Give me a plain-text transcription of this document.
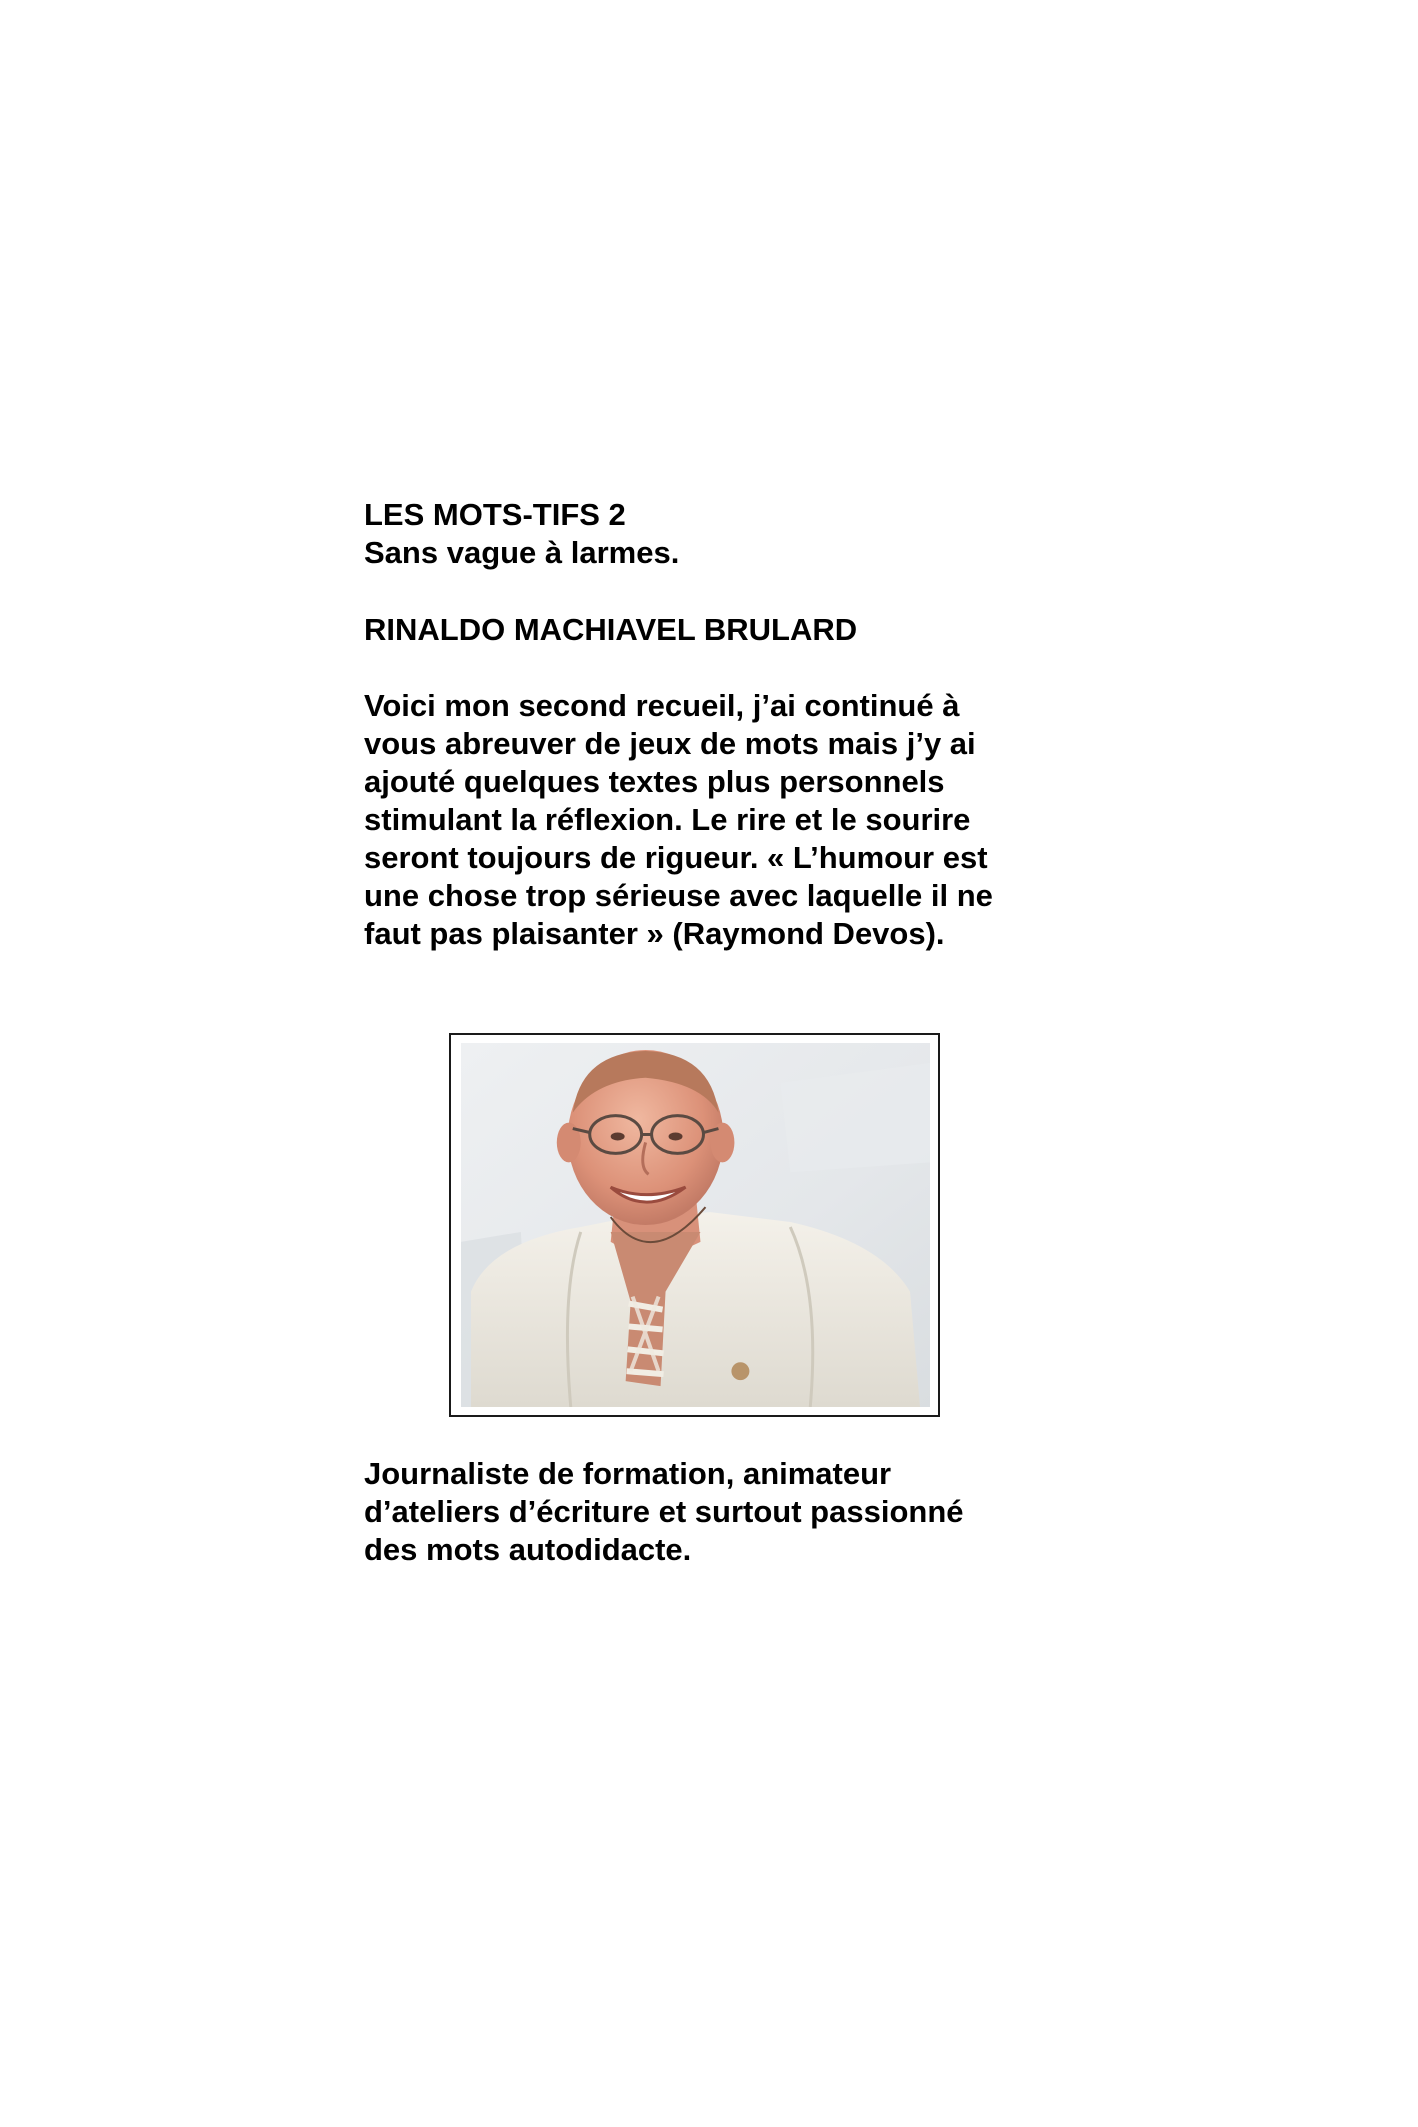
LES MOTS-TIFS 2
Sans vague à larmes.
RINALDO MACHIAVEL BRULARD
Voici mon second recueil, j’ai continué à vous abreuver de jeux de mots mais j’y ai ajouté quelques textes plus personnels stimulant la réflexion. Le rire et le sourire seront toujours de rigueur. « L’humour est une chose trop sérieuse avec laquelle il ne faut pas plaisanter » (Raymond Devos).
Journaliste de formation, animateur d’ateliers d’écriture et surtout passionné des mots autodidacte.
